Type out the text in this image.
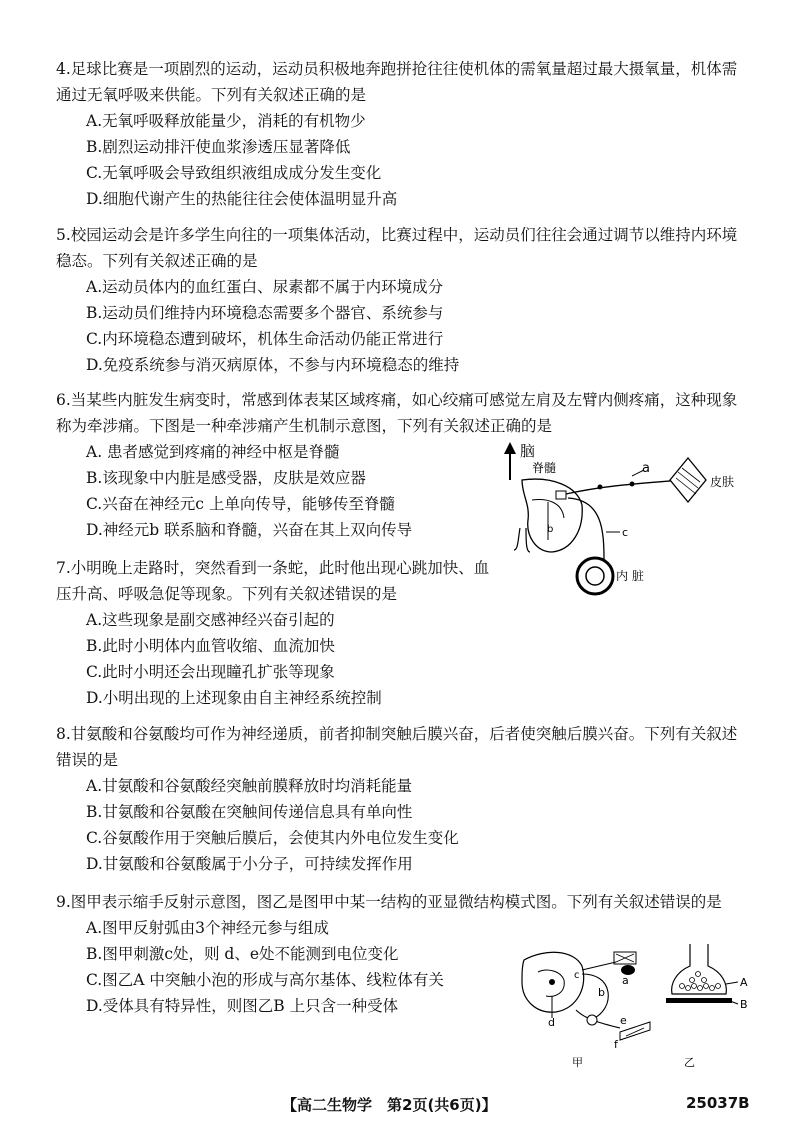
4.足球比赛是一项剧烈的运动，运动员积极地奔跑拼抢往往使机体的需氧量超过最大摄氧量，机体需通过无氧呼吸来供能。下列有关叙述正确的是

A.无氧呼吸释放能量少，消耗的有机物少

B.剧烈运动排汗使血浆渗透压显著降低

C.无氧呼吸会导致组织液组成成分发生变化

D.细胞代谢产生的热能往往会使体温明显升高

5.校园运动会是许多学生向往的一项集体活动，比赛过程中，运动员们往往会通过调节以维持内环境稳态。下列有关叙述正确的是

A.运动员体内的血红蛋白、尿素都不属于内环境成分

B.运动员们维持内环境稳态需要多个器官、系统参与

C.内环境稳态遭到破坏，机体生命活动仍能正常进行

D.免疫系统参与消灭病原体，不参与内环境稳态的维持

6.当某些内脏发生病变时，常感到体表某区域疼痛，如心绞痛可感觉左肩及左臂内侧疼痛，这种现象称为牵涉痛。下图是一种牵涉痛产生机制示意图，下列有关叙述正确的是

A. 患者感觉到疼痛的神经中枢是脊髓

B.该现象中内脏是感受器，皮肤是效应器

C.兴奋在神经元c 上单向传导，能够传至脊髓

D.神经元b 联系脑和脊髓，兴奋在其上双向传导

脑
脊髓
b
a
皮肤
c
内 脏

7.小明晚上走路时，突然看到一条蛇，此时他出现心跳加快、血压升高、呼吸急促等现象。下列有关叙述错误的是

A.这些现象是副交感神经兴奋引起的

B.此时小明体内血管收缩、血流加快

C.此时小明还会出现瞳孔扩张等现象

D.小明出现的上述现象由自主神经系统控制

8.甘氨酸和谷氨酸均可作为神经递质，前者抑制突触后膜兴奋，后者使突触后膜兴奋。下列有关叙述错误的是

A.甘氨酸和谷氨酸经突触前膜释放时均消耗能量

B.甘氨酸和谷氨酸在突触间传递信息具有单向性

C.谷氨酸作用于突触后膜后，会使其内外电位发生变化

D.甘氨酸和谷氨酸属于小分子，可持续发挥作用

9.图甲表示缩手反射示意图，图乙是图甲中某一结构的亚显微结构模式图。下列有关叙述错误的是

A.图甲反射弧由3个神经元参与组成

B.图甲刺激c处，则 d、e处不能测到电位变化

C.图乙A 中突触小泡的形成与高尔基体、线粒体有关

D.受体具有特异性，则图乙B 上只含一种受体

c
b
a
e
f
d
甲
A
B
乙
【高二生物学　第2页(共6页)】	25037B
